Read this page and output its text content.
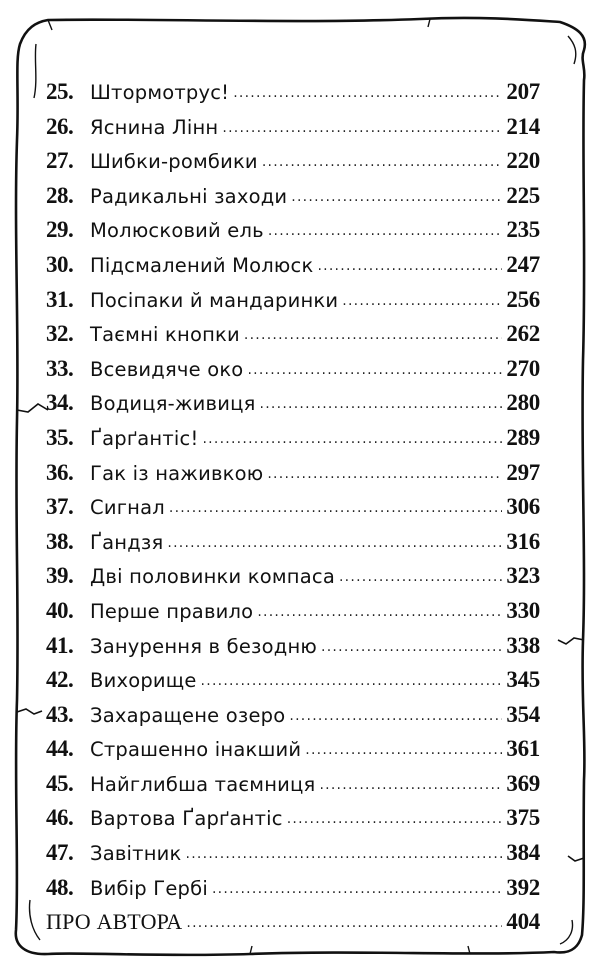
25. Штормотрус! . . .	207
26. Яснина Лінн . . .	214
27. Шибки-ромбики . . .	220
28. Радикальні заходи . . .	225
29. Молюсковий ель . . .	235
30. Підсмалений Молюск . . .	247
31. Посіпаки й мандаринки . . .	256
32. Таємні кнопки . . .	262
33. Всевидяче око . . .	270
34. Водиця-живиця . . .	280
35. Ґарґантіс! . . .	289
36. Гак із наживкою . . .	297
37. Сигнал . . .	306
38. Ґандзя . . .	316
39. Дві половинки компаса . . .	323
40. Перше правило . . .	330
41. Занурення в безодню . . .	338
42. Вихорище . . .	345
43. Захаращене озеро . . .	354
44. Страшенно інакший . . .	361
45. Найглибша таємниця . . .	369
46. Вартова Ґарґантіс . . .	375
47. Завітник . . .	384
48. Вибір Гербі . . .	392
ПРО АВТОРА . . .	404
